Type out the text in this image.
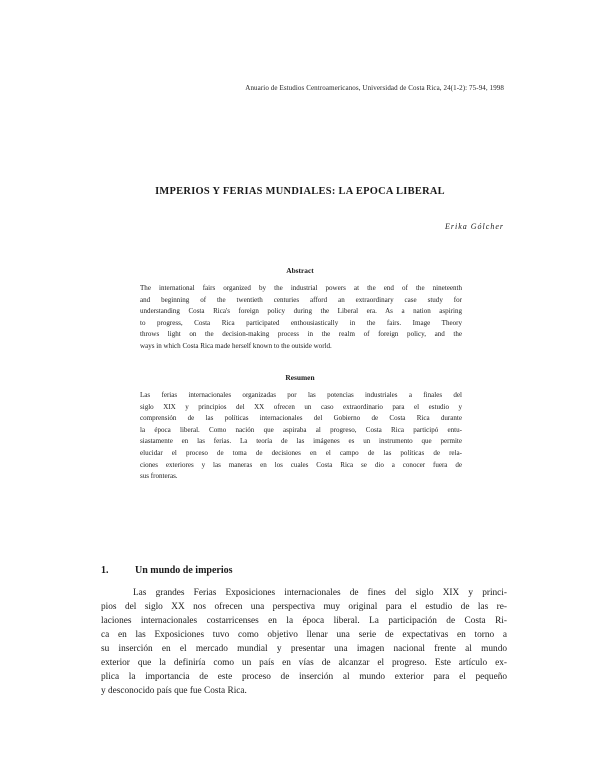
Anuario de Estudios Centroamericanos, Universidad de Costa Rica, 24(1-2): 75-94, 1998
IMPERIOS Y FERIAS MUNDIALES: LA EPOCA LIBERAL
Erika Gólcher
Abstract
The international fairs organized by the industrial powers at the end of the nineteenth
and beginning of the twentieth centuries afford an extraordinary case study for
understanding Costa Rica's foreign policy during the Liberal era. As a nation aspiring
to progress, Costa Rica participated enthousiastically in the fairs. Image Theory
throws light on the decision-making process in the realm of foreign policy, and the
ways in which Costa Rica made herself known to the outside world.
Resumen
Las ferias internacionales organizadas por las potencias industriales a finales del
siglo XIX y principios del XX ofrecen un caso extraordinario para el estudio y
comprensión de las políticas internacionales del Gobierno de Costa Rica durante
la época liberal. Como nación que aspiraba al progreso, Costa Rica participó entu-
siastamente en las ferias. La teoría de las imágenes es un instrumento que permite
elucidar el proceso de toma de decisiones en el campo de las políticas de rela-
ciones exteriores y las maneras en los cuales Costa Rica se dio a conocer fuera de
sus fronteras.
1.	Un mundo de imperios
Las grandes Ferias Exposiciones internacionales de fines del siglo XIX y princi-
pios del siglo XX nos ofrecen una perspectiva muy original para el estudio de las re-
laciones internacionales costarricenses en la época liberal. La participación de Costa Ri-
ca en las Exposiciones tuvo como objetivo llenar una serie de expectativas en torno a
su inserción en el mercado mundial y presentar una imagen nacional frente al mundo
exterior que la definiría como un país en vías de alcanzar el progreso. Este artículo ex-
plica la importancia de este proceso de inserción al mundo exterior para el pequeño
y desconocido país que fue Costa Rica.
